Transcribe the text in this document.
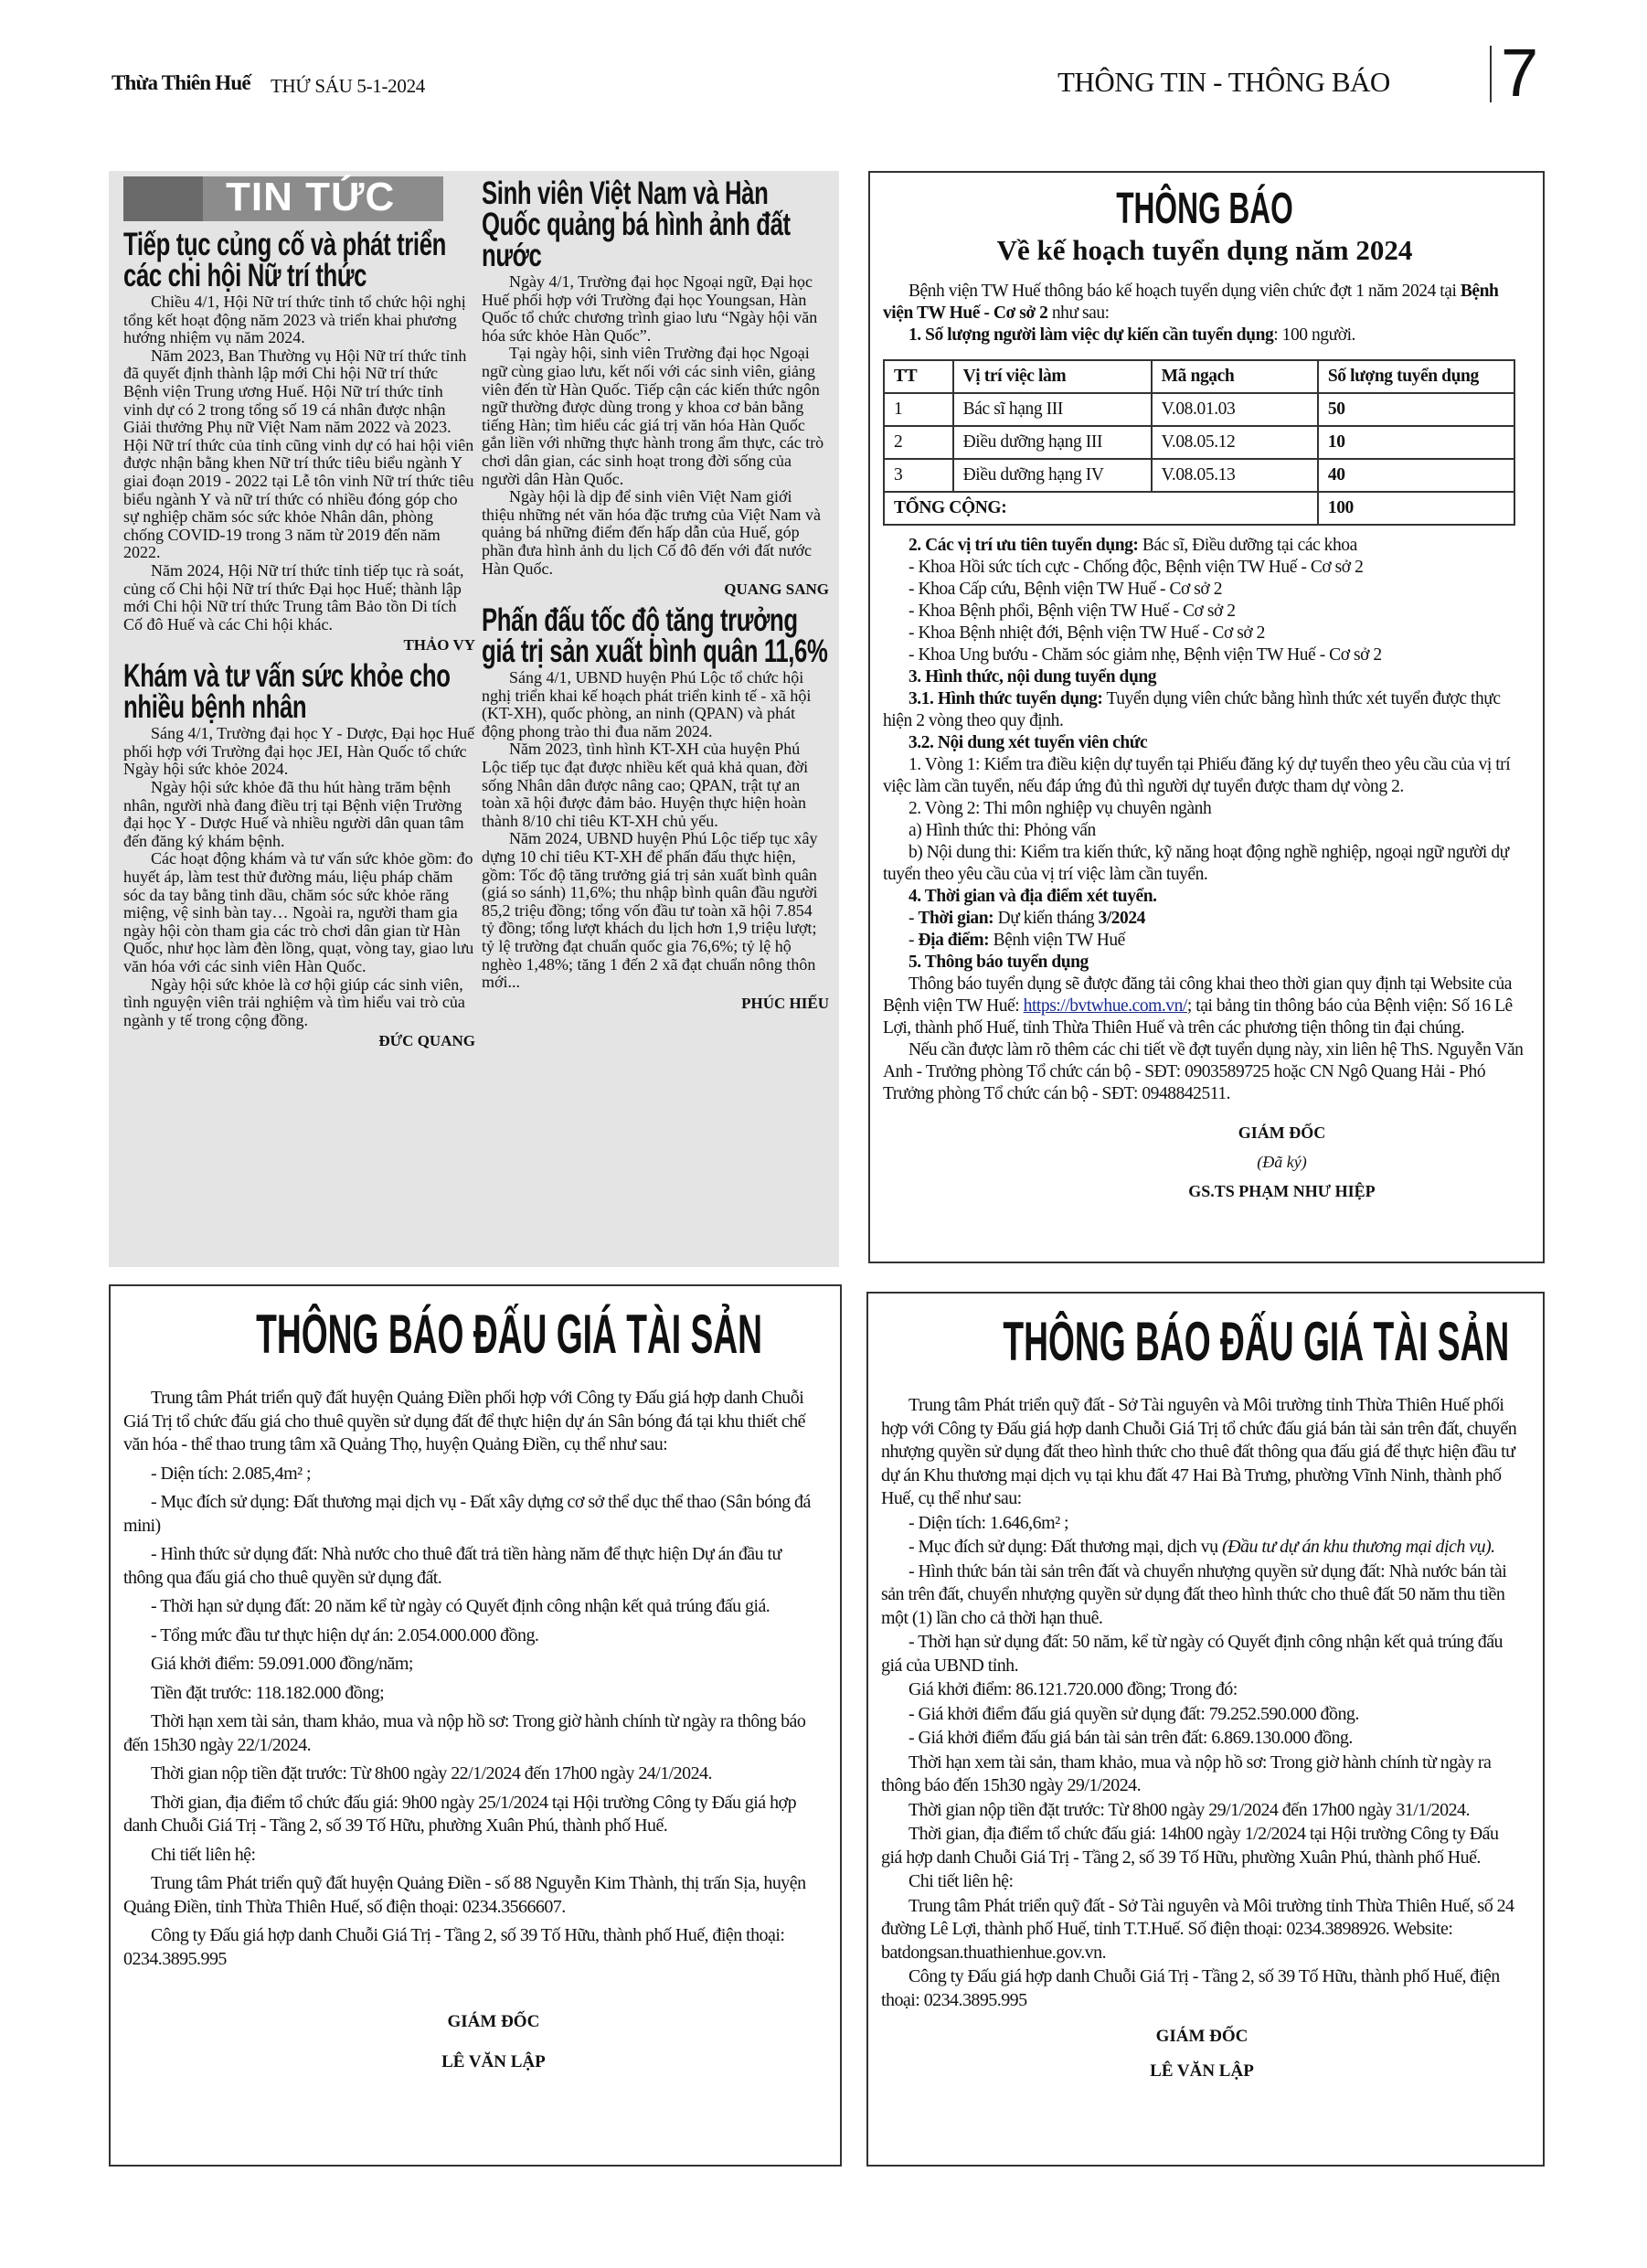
Thừa Thiên Huế THỨ SÁU 5-1-2024	THÔNG TIN - THÔNG BÁO 7
Tiếp tục củng cố và phát triển các chi hội Nữ trí thức

Chiều 4/1, Hội Nữ trí thức tỉnh tổ chức hội nghị tổng kết hoạt động năm 2023 và triển khai phương hướng nhiệm vụ năm 2024.

Năm 2023, Ban Thường vụ Hội Nữ trí thức tỉnh đã quyết định thành lập mới Chi hội Nữ trí thức Bệnh viện Trung ương Huế. Hội Nữ trí thức tỉnh vinh dự có 2 trong tổng số 19 cá nhân được nhận Giải thưởng Phụ nữ Việt Nam năm 2022 và 2023. Hội Nữ trí thức của tỉnh cũng vinh dự có hai hội viên được nhận bằng khen Nữ trí thức tiêu biểu ngành Y giai đoạn 2019 - 2022 tại Lễ tôn vinh Nữ trí thức tiêu biểu ngành Y và nữ trí thức có nhiều đóng góp cho sự nghiệp chăm sóc sức khỏe Nhân dân, phòng chống COVID-19 trong 3 năm từ 2019 đến năm 2022.

Năm 2024, Hội Nữ trí thức tỉnh tiếp tục rà soát, củng cố Chi hội Nữ trí thức Đại học Huế; thành lập mới Chi hội Nữ trí thức Trung tâm Bảo tồn Di tích Cố đô Huế và các Chi hội khác.

THẢO VY
Khám và tư vấn sức khỏe cho nhiều bệnh nhân

Sáng 4/1, Trường đại học Y - Dược, Đại học Huế phối hợp với Trường đại học JEI, Hàn Quốc tổ chức Ngày hội sức khỏe 2024.

Ngày hội sức khỏe đã thu hút hàng trăm bệnh nhân, người nhà đang điều trị tại Bệnh viện Trường đại học Y - Dược Huế và nhiều người dân quan tâm đến đăng ký khám bệnh.

Các hoạt động khám và tư vấn sức khỏe gồm: đo huyết áp, làm test thử đường máu, liệu pháp chăm sóc da tay bằng tinh dầu, chăm sóc sức khỏe răng miệng, vệ sinh bàn tay… Ngoài ra, người tham gia ngày hội còn tham gia các trò chơi dân gian từ Hàn Quốc, như học làm đèn lồng, quạt, vòng tay, giao lưu văn hóa với các sinh viên Hàn Quốc.

Ngày hội sức khỏe là cơ hội giúp các sinh viên, tình nguyện viên trải nghiệm và tìm hiểu vai trò của ngành y tế trong cộng đồng.

ĐỨC QUANG
Sinh viên Việt Nam và Hàn Quốc quảng bá hình ảnh đất nước

Ngày 4/1, Trường đại học Ngoại ngữ, Đại học Huế phối hợp với Trường đại học Youngsan, Hàn Quốc tổ chức chương trình giao lưu “Ngày hội văn hóa sức khỏe Hàn Quốc”.

Tại ngày hội, sinh viên Trường đại học Ngoại ngữ cùng giao lưu, kết nối với các sinh viên, giảng viên đến từ Hàn Quốc. Tiếp cận các kiến thức ngôn ngữ thường được dùng trong y khoa cơ bản bằng tiếng Hàn; tìm hiểu các giá trị văn hóa Hàn Quốc gắn liền với những thực hành trong ẩm thực, các trò chơi dân gian, các sinh hoạt trong đời sống của người dân Hàn Quốc.

Ngày hội là dịp để sinh viên Việt Nam giới thiệu những nét văn hóa đặc trưng của Việt Nam và quảng bá những điểm đến hấp dẫn của Huế, góp phần đưa hình ảnh du lịch Cố đô đến với đất nước Hàn Quốc.

QUANG SANG
Phấn đấu tốc độ tăng trưởng giá trị sản xuất bình quân 11,6%

Sáng 4/1, UBND huyện Phú Lộc tổ chức hội nghị triển khai kế hoạch phát triển kinh tế - xã hội (KT-XH), quốc phòng, an ninh (QPAN) và phát động phong trào thi đua năm 2024.

Năm 2023, tình hình KT-XH của huyện Phú Lộc tiếp tục đạt được nhiều kết quả khả quan, đời sống Nhân dân được nâng cao; QPAN, trật tự an toàn xã hội được đảm bảo. Huyện thực hiện hoàn thành 8/10 chỉ tiêu KT-XH chủ yếu.

Năm 2024, UBND huyện Phú Lộc tiếp tục xây dựng 10 chỉ tiêu KT-XH để phấn đấu thực hiện, gồm: Tốc độ tăng trưởng giá trị sản xuất bình quân (giá so sánh) 11,6%; thu nhập bình quân đầu người 85,2 triệu đồng; tổng vốn đầu tư toàn xã hội 7.854 tỷ đồng; tổng lượt khách du lịch hơn 1,9 triệu lượt; tỷ lệ trường đạt chuẩn quốc gia 76,6%; tỷ lệ hộ nghèo 1,48%; tăng 1 đến 2 xã đạt chuẩn nông thôn mới...

PHÚC HIẾU
TIN TỨC	THÔNG BÁO
Về kế hoạch tuyển dụng năm 2024

Bệnh viện TW Huế thông báo kế hoạch tuyển dụng viên chức đợt 1 năm 2024 tại Bệnh viện TW Huế - Cơ sở 2 như sau:

1. Số lượng người làm việc dự kiến cần tuyển dụng: 100 người.

TT	Vị trí việc làm	Mã ngạch	Số lượng tuyển dụng
1	Bác sĩ hạng III	V.08.01.03	50
2	Điều dưỡng hạng III	V.08.05.12	10
3	Điều dưỡng hạng IV	V.08.05.13	40
TỔNG CỘNG:			100

2. Các vị trí ưu tiên tuyển dụng: Bác sĩ, Điều dưỡng tại các khoa

- Khoa Hồi sức tích cực - Chống độc, Bệnh viện TW Huế - Cơ sở 2

- Khoa Cấp cứu, Bệnh viện TW Huế - Cơ sở 2

- Khoa Bệnh phổi, Bệnh viện TW Huế - Cơ sở 2

- Khoa Bệnh nhiệt đới, Bệnh viện TW Huế - Cơ sở 2

- Khoa Ung bướu - Chăm sóc giảm nhẹ, Bệnh viện TW Huế - Cơ sở 2

3. Hình thức, nội dung tuyển dụng

3.1. Hình thức tuyển dụng: Tuyển dụng viên chức bằng hình thức xét tuyển được thực hiện 2 vòng theo quy định.

3.2. Nội dung xét tuyển viên chức

1. Vòng 1: Kiểm tra điều kiện dự tuyển tại Phiếu đăng ký dự tuyển theo yêu cầu của vị trí việc làm cần tuyển, nếu đáp ứng đủ thì người dự tuyển được tham dự vòng 2.

2. Vòng 2: Thi môn nghiệp vụ chuyên ngành

a) Hình thức thi: Phỏng vấn

b) Nội dung thi: Kiểm tra kiến thức, kỹ năng hoạt động nghề nghiệp, ngoại ngữ người dự tuyển theo yêu cầu của vị trí việc làm cần tuyển.

4. Thời gian và địa điểm xét tuyển.

- Thời gian: Dự kiến tháng 3/2024

- Địa điểm: Bệnh viện TW Huế

5. Thông báo tuyển dụng

Thông báo tuyển dụng sẽ được đăng tải công khai theo thời gian quy định tại Website của Bệnh viện TW Huế: https://bvtwhue.com.vn/; tại bảng tin thông báo của Bệnh viện: Số 16 Lê Lợi, thành phố Huế, tỉnh Thừa Thiên Huế và trên các phương tiện thông tin đại chúng.

Nếu cần được làm rõ thêm các chi tiết về đợt tuyển dụng này, xin liên hệ ThS. Nguyễn Văn Anh - Trưởng phòng Tổ chức cán bộ - SĐT: 0903589725 hoặc CN Ngô Quang Hải - Phó Trưởng phòng Tổ chức cán bộ - SĐT: 0948842511.

GIÁM ĐỐC
(Đã ký)
GS.TS PHẠM NHƯ HIỆP
THÔNG BÁO ĐẤU GIÁ TÀI SẢN

Trung tâm Phát triển quỹ đất huyện Quảng Điền phối hợp với Công ty Đấu giá hợp danh Chuỗi Giá Trị tổ chức đấu giá cho thuê quyền sử dụng đất để thực hiện dự án Sân bóng đá tại khu thiết chế văn hóa - thể thao trung tâm xã Quảng Thọ, huyện Quảng Điền, cụ thể như sau:

- Diện tích: 2.085,4m² ;

- Mục đích sử dụng: Đất thương mại dịch vụ - Đất xây dựng cơ sở thể dục thể thao (Sân bóng đá mini)

- Hình thức sử dụng đất: Nhà nước cho thuê đất trả tiền hàng năm để thực hiện Dự án đầu tư thông qua đấu giá cho thuê quyền sử dụng đất.

- Thời hạn sử dụng đất: 20 năm kể từ ngày có Quyết định công nhận kết quả trúng đấu giá.

- Tổng mức đầu tư thực hiện dự án: 2.054.000.000 đồng.

Giá khởi điểm: 59.091.000 đồng/năm;

Tiền đặt trước: 118.182.000 đồng;

Thời hạn xem tài sản, tham khảo, mua và nộp hồ sơ: Trong giờ hành chính từ ngày ra thông báo đến 15h30 ngày 22/1/2024.

Thời gian nộp tiền đặt trước: Từ 8h00 ngày 22/1/2024 đến 17h00 ngày 24/1/2024.

Thời gian, địa điểm tổ chức đấu giá: 9h00 ngày 25/1/2024 tại Hội trường Công ty Đấu giá hợp danh Chuỗi Giá Trị - Tầng 2, số 39 Tố Hữu, phường Xuân Phú, thành phố Huế.

Chi tiết liên hệ:

Trung tâm Phát triển quỹ đất huyện Quảng Điền - số 88 Nguyễn Kim Thành, thị trấn Sịa, huyện Quảng Điền, tỉnh Thừa Thiên Huế, số điện thoại: 0234.3566607.

Công ty Đấu giá hợp danh Chuỗi Giá Trị - Tầng 2, số 39 Tố Hữu, thành phố Huế, điện thoại: 0234.3895.995

GIÁM ĐỐC
LÊ VĂN LẬP
THÔNG BÁO ĐẤU GIÁ TÀI SẢN

Trung tâm Phát triển quỹ đất - Sở Tài nguyên và Môi trường tỉnh Thừa Thiên Huế phối hợp với Công ty Đấu giá hợp danh Chuỗi Giá Trị tổ chức đấu giá bán tài sản trên đất, chuyển nhượng quyền sử dụng đất theo hình thức cho thuê đất thông qua đấu giá để thực hiện đầu tư dự án Khu thương mại dịch vụ tại khu đất 47 Hai Bà Trưng, phường Vĩnh Ninh, thành phố Huế, cụ thể như sau:

- Diện tích: 1.646,6m² ;

- Mục đích sử dụng: Đất thương mại, dịch vụ (Đầu tư dự án khu thương mại dịch vụ).

- Hình thức bán tài sản trên đất và chuyển nhượng quyền sử dụng đất: Nhà nước bán tài sản trên đất, chuyển nhượng quyền sử dụng đất theo hình thức cho thuê đất 50 năm thu tiền một (1) lần cho cả thời hạn thuê.

- Thời hạn sử dụng đất: 50 năm, kể từ ngày có Quyết định công nhận kết quả trúng đấu giá của UBND tỉnh.

Giá khởi điểm: 86.121.720.000 đồng; Trong đó:

- Giá khởi điểm đấu giá quyền sử dụng đất: 79.252.590.000 đồng.

- Giá khởi điểm đấu giá bán tài sản trên đất: 6.869.130.000 đồng.

Thời hạn xem tài sản, tham khảo, mua và nộp hồ sơ: Trong giờ hành chính từ ngày ra thông báo đến 15h30 ngày 29/1/2024.

Thời gian nộp tiền đặt trước: Từ 8h00 ngày 29/1/2024 đến 17h00 ngày 31/1/2024.

Thời gian, địa điểm tổ chức đấu giá: 14h00 ngày 1/2/2024 tại Hội trường Công ty Đấu giá hợp danh Chuỗi Giá Trị - Tầng 2, số 39 Tố Hữu, phường Xuân Phú, thành phố Huế.

Chi tiết liên hệ:

Trung tâm Phát triển quỹ đất - Sở Tài nguyên và Môi trường tỉnh Thừa Thiên Huế, số 24 đường Lê Lợi, thành phố Huế, tỉnh T.T.Huế. Số điện thoại: 0234.3898926. Website: batdongsan.thuathienhue.gov.vn.

Công ty Đấu giá hợp danh Chuỗi Giá Trị - Tầng 2, số 39 Tố Hữu, thành phố Huế, điện thoại: 0234.3895.995

GIÁM ĐỐC
LÊ VĂN LẬP
